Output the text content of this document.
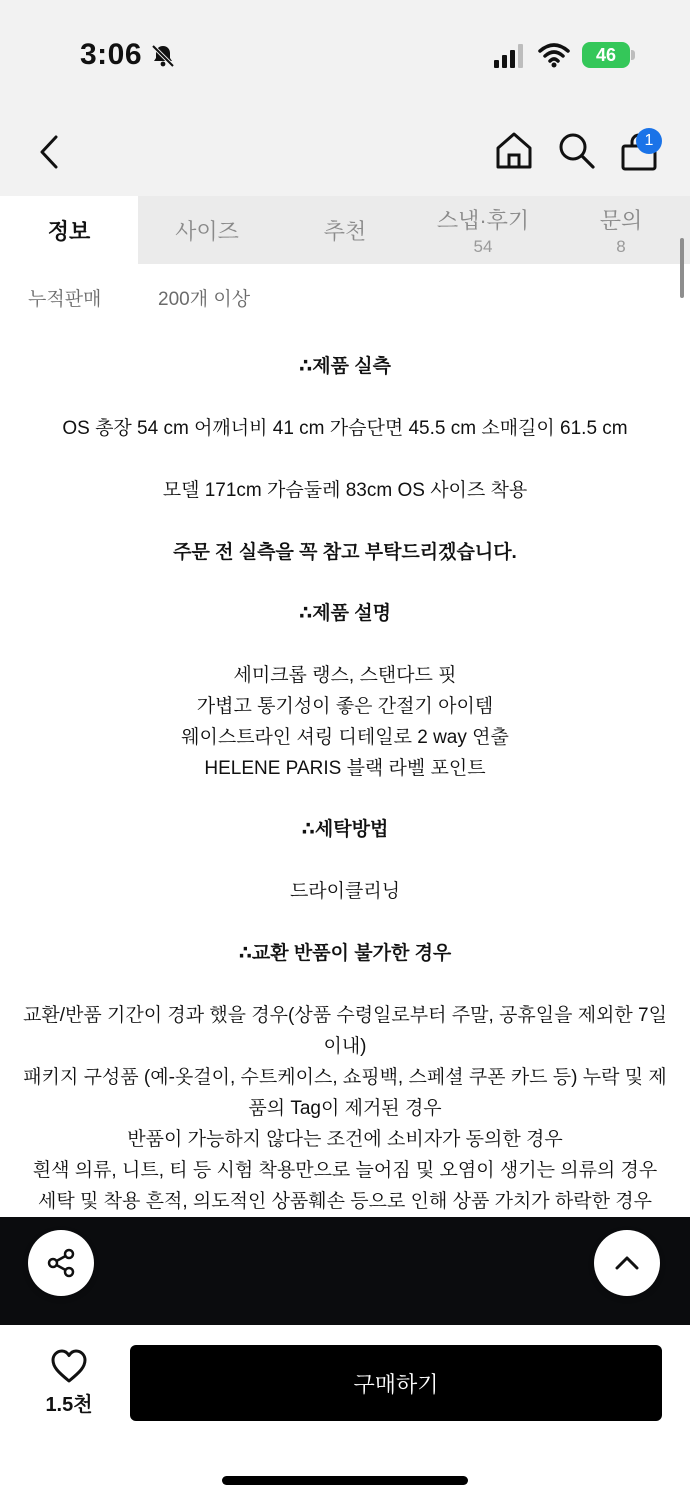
3:06	46
1
정보	사이즈	추천	스냅·후기
54
문의
8
누적판매	200개 이상
∴제품 실측
OS 총장 54 cm 어깨너비 41 cm 가슴단면 45.5 cm 소매길이 61.5 cm
모델 171cm 가슴둘레 83cm OS 사이즈 착용
주문 전 실측을 꼭 참고 부탁드리겠습니다.
∴제품 설명
세미크롭 랭스, 스탠다드 핏
가볍고 통기성이 좋은 간절기 아이템
웨이스트라인 셔링 디테일로 2 way 연출
HELENE PARIS 블랙 라벨 포인트
∴세탁방법
드라이클리닝
∴교환 반품이 불가한 경우
교환/반품 기간이 경과 했을 경우(상품 수령일로부터 주말, 공휴일을 제외한 7일
이내)
패키지 구성품 (예-옷걸이, 수트케이스, 쇼핑백, 스페셜 쿠폰 카드 등) 누락 및 제
품의 Tag이 제거된 경우
반품이 가능하지 않다는 조건에 소비자가 동의한 경우
흰색 의류, 니트, 티 등 시험 착용만으로 늘어짐 및 오염이 생기는 의류의 경우
세탁 및 착용 흔적, 의도적인 상품훼손 등으로 인해 상품 가치가 하락한 경우
1.5천
구매하기
